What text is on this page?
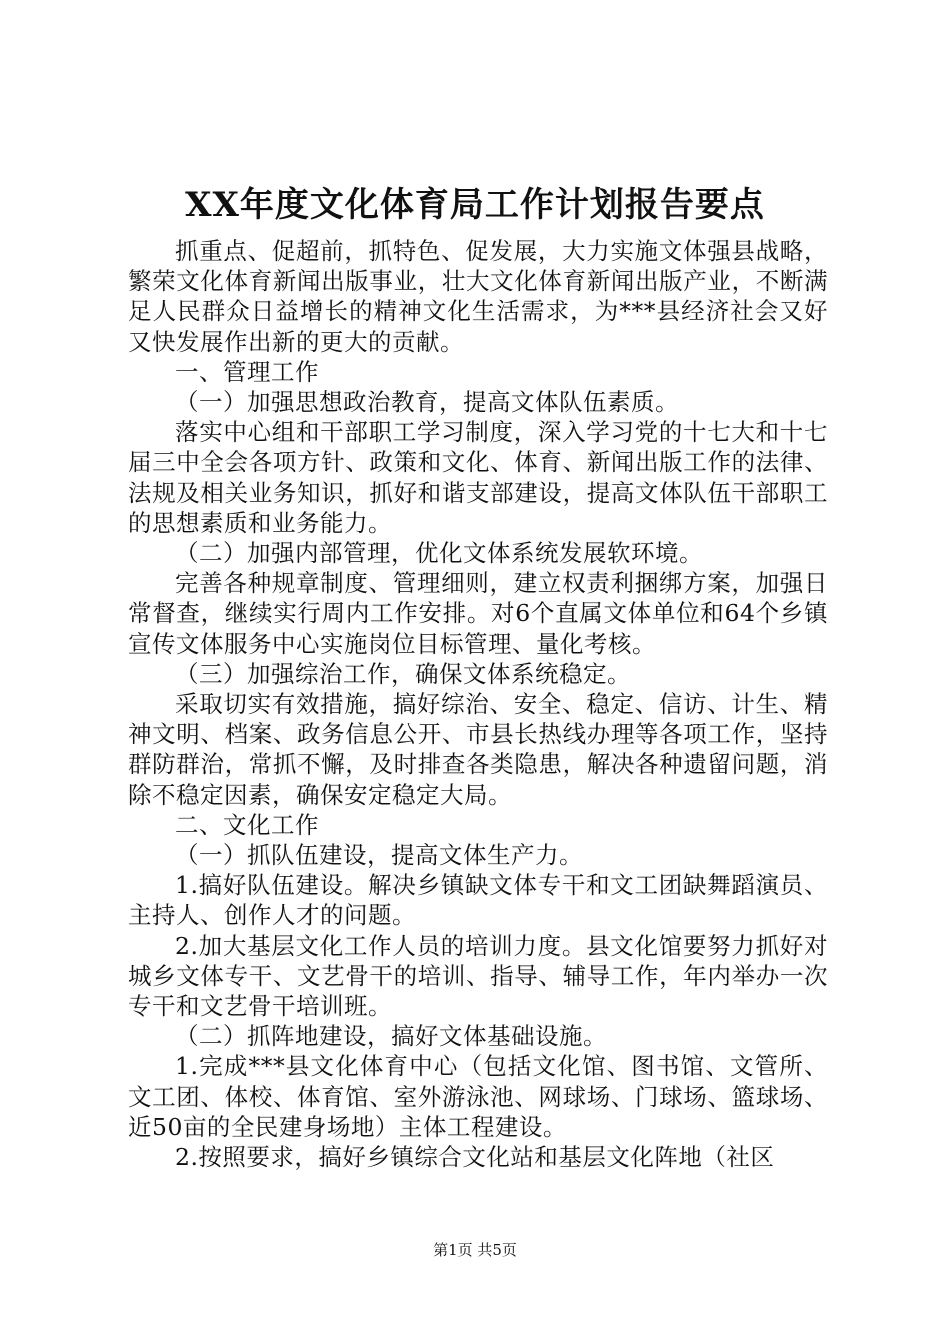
XX年度文化体育局工作计划报告要点

抓重点、促超前，抓特色、促发展，大力实施文体强县战略，繁荣文化体育新闻出版事业，壮大文化体育新闻出版产业，不断满足人民群众日益增长的精神文化生活需求，为***县经济社会又好又快发展作出新的更大的贡献。

一、管理工作

（一）加强思想政治教育，提高文体队伍素质。

落实中心组和干部职工学习制度，深入学习党的十七大和十七届三中全会各项方针、政策和文化、体育、新闻出版工作的法律、法规及相关业务知识，抓好和谐支部建设，提高文体队伍干部职工的思想素质和业务能力。

（二）加强内部管理，优化文体系统发展软环境。

完善各种规章制度、管理细则，建立权责利捆绑方案，加强日常督查，继续实行周内工作安排。对6个直属文体单位和64个乡镇宣传文体服务中心实施岗位目标管理、量化考核。

（三）加强综治工作，确保文体系统稳定。

采取切实有效措施，搞好综治、安全、稳定、信访、计生、精神文明、档案、政务信息公开、市县长热线办理等各项工作，坚持群防群治，常抓不懈，及时排查各类隐患，解决各种遗留问题，消除不稳定因素，确保安定稳定大局。

二、文化工作

（一）抓队伍建设，提高文体生产力。

1.搞好队伍建设。解决乡镇缺文体专干和文工团缺舞蹈演员、主持人、创作人才的问题。

2.加大基层文化工作人员的培训力度。县文化馆要努力抓好对城乡文体专干、文艺骨干的培训、指导、辅导工作，年内举办一次专干和文艺骨干培训班。

（二）抓阵地建设，搞好文体基础设施。

1.完成***县文化体育中心（包括文化馆、图书馆、文管所、文工团、体校、体育馆、室外游泳池、网球场、门球场、篮球场、近50亩的全民建身场地）主体工程建设。

2.按照要求，搞好乡镇综合文化站和基层文化阵地（社区

第1页 共5页
